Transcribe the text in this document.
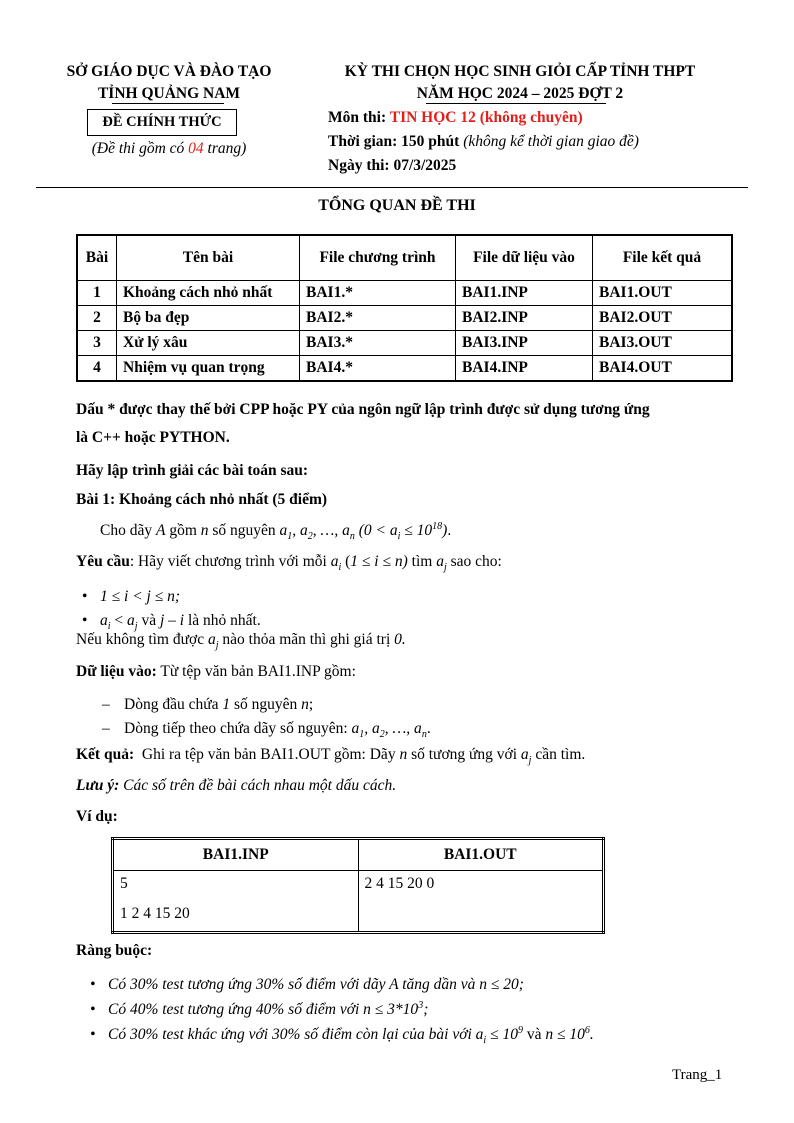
SỞ GIÁO DỤC VÀ ĐÀO TẠO
TỈNH QUẢNG NAM
ĐỀ CHÍNH THỨC
(Đề thi gồm có 04 trang)
KỲ THI CHỌN HỌC SINH GIỎI CẤP TỈNH THPT
NĂM HỌC 2024 – 2025 ĐỢT 2
Môn thi: TIN HỌC 12 (không chuyên)
Thời gian: 150 phút (không kể thời gian giao đề)
Ngày thi: 07/3/2025
TỔNG QUAN ĐỀ THI
Bài	Tên bài	File chương trình	File dữ liệu vào	File kết quả
1	Khoảng cách nhỏ nhất	BAI1.*	BAI1.INP	BAI1.OUT
2	Bộ ba đẹp	BAI2.*	BAI2.INP	BAI2.OUT
3	Xử lý xâu	BAI3.*	BAI3.INP	BAI3.OUT
4	Nhiệm vụ quan trọng	BAI4.*	BAI4.INP	BAI4.OUT
Dấu * được thay thế bởi CPP hoặc PY của ngôn ngữ lập trình được sử dụng tương ứng
là C++ hoặc PYTHON.
Hãy lập trình giải các bài toán sau:
Bài 1: Khoảng cách nhỏ nhất (5 điểm)
Cho dãy A gồm n số nguyên $a_1$, $a_2$, …, $a_n$ $(0 < a_i \le 10^{18})$.
Yêu cầu: Hãy viết chương trình với mỗi $a_i$ (1 ≤ i ≤ n) tìm $a_j$ sao cho:
• 1 ≤ i < j ≤ n;
• $a_i < a_j$ và j – i là nhỏ nhất.
Nếu không tìm được $a_j$ nào thỏa mãn thì ghi giá trị 0.
Dữ liệu vào: Từ tệp văn bản BAI1.INP gồm:
– Dòng đầu chứa 1 số nguyên n;
– Dòng tiếp theo chứa dãy số nguyên: $a_1$, $a_2$, …, $a_n$.
Kết quả:  Ghi ra tệp văn bản BAI1.OUT gồm: Dãy n số tương ứng với $a_j$ cần tìm.
Lưu ý: Các số trên đề bài cách nhau một dấu cách.
Ví dụ:
BAI1.INP	BAI1.OUT

5
1 2 4 15 20	2 4 15 20 0
Ràng buộc:
• Có 30% test tương ứng 30% số điểm với dãy A tăng dần và n ≤ 20;
• Có 40% test tương ứng 40% số điểm với $n \le 3*10^3$;
• Có 30% test khác ứng với 30% số điểm còn lại của bài với $a_i \le 10^9$ và $n \le 10^6$.
Trang_1
